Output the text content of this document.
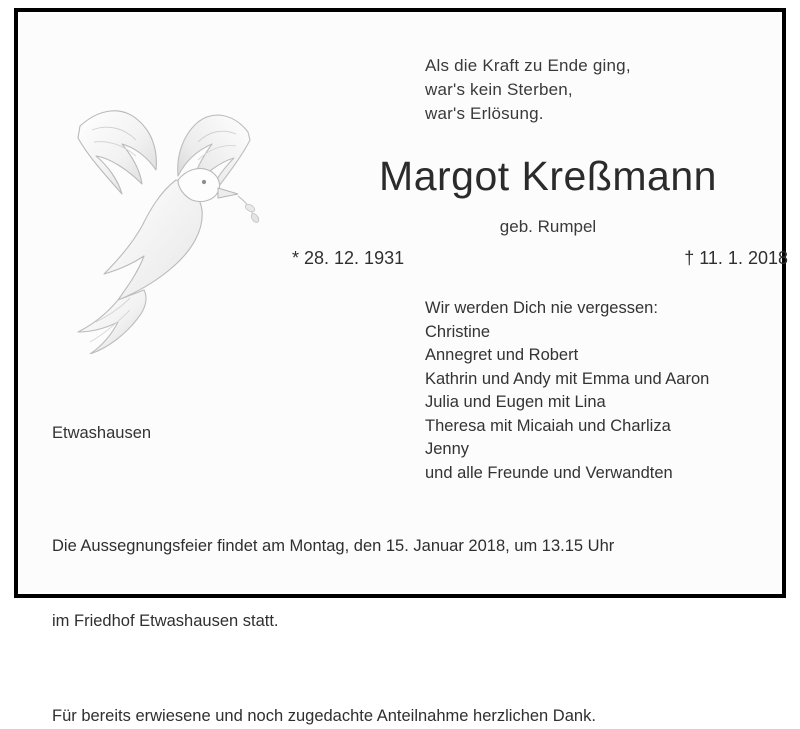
Als die Kraft zu Ende ging,
war's kein Sterben,
war's Erlösung.
Margot Kreßmann
geb. Rumpel
* 28. 12. 1931	† 11. 1. 2018
Wir werden Dich nie vergessen:
Christine
Annegret und Robert
Kathrin und Andy mit Emma und Aaron
Julia und Eugen mit Lina
Theresa mit Micaiah und Charliza
Jenny
und alle Freunde und Verwandten
Etwashausen

Die Aussegnungsfeier findet am Montag, den 15. Januar 2018, um 13.15 Uhr

im Friedhof Etwashausen statt.

Für bereits erwiesene und noch zugedachte Anteilnahme herzlichen Dank.
